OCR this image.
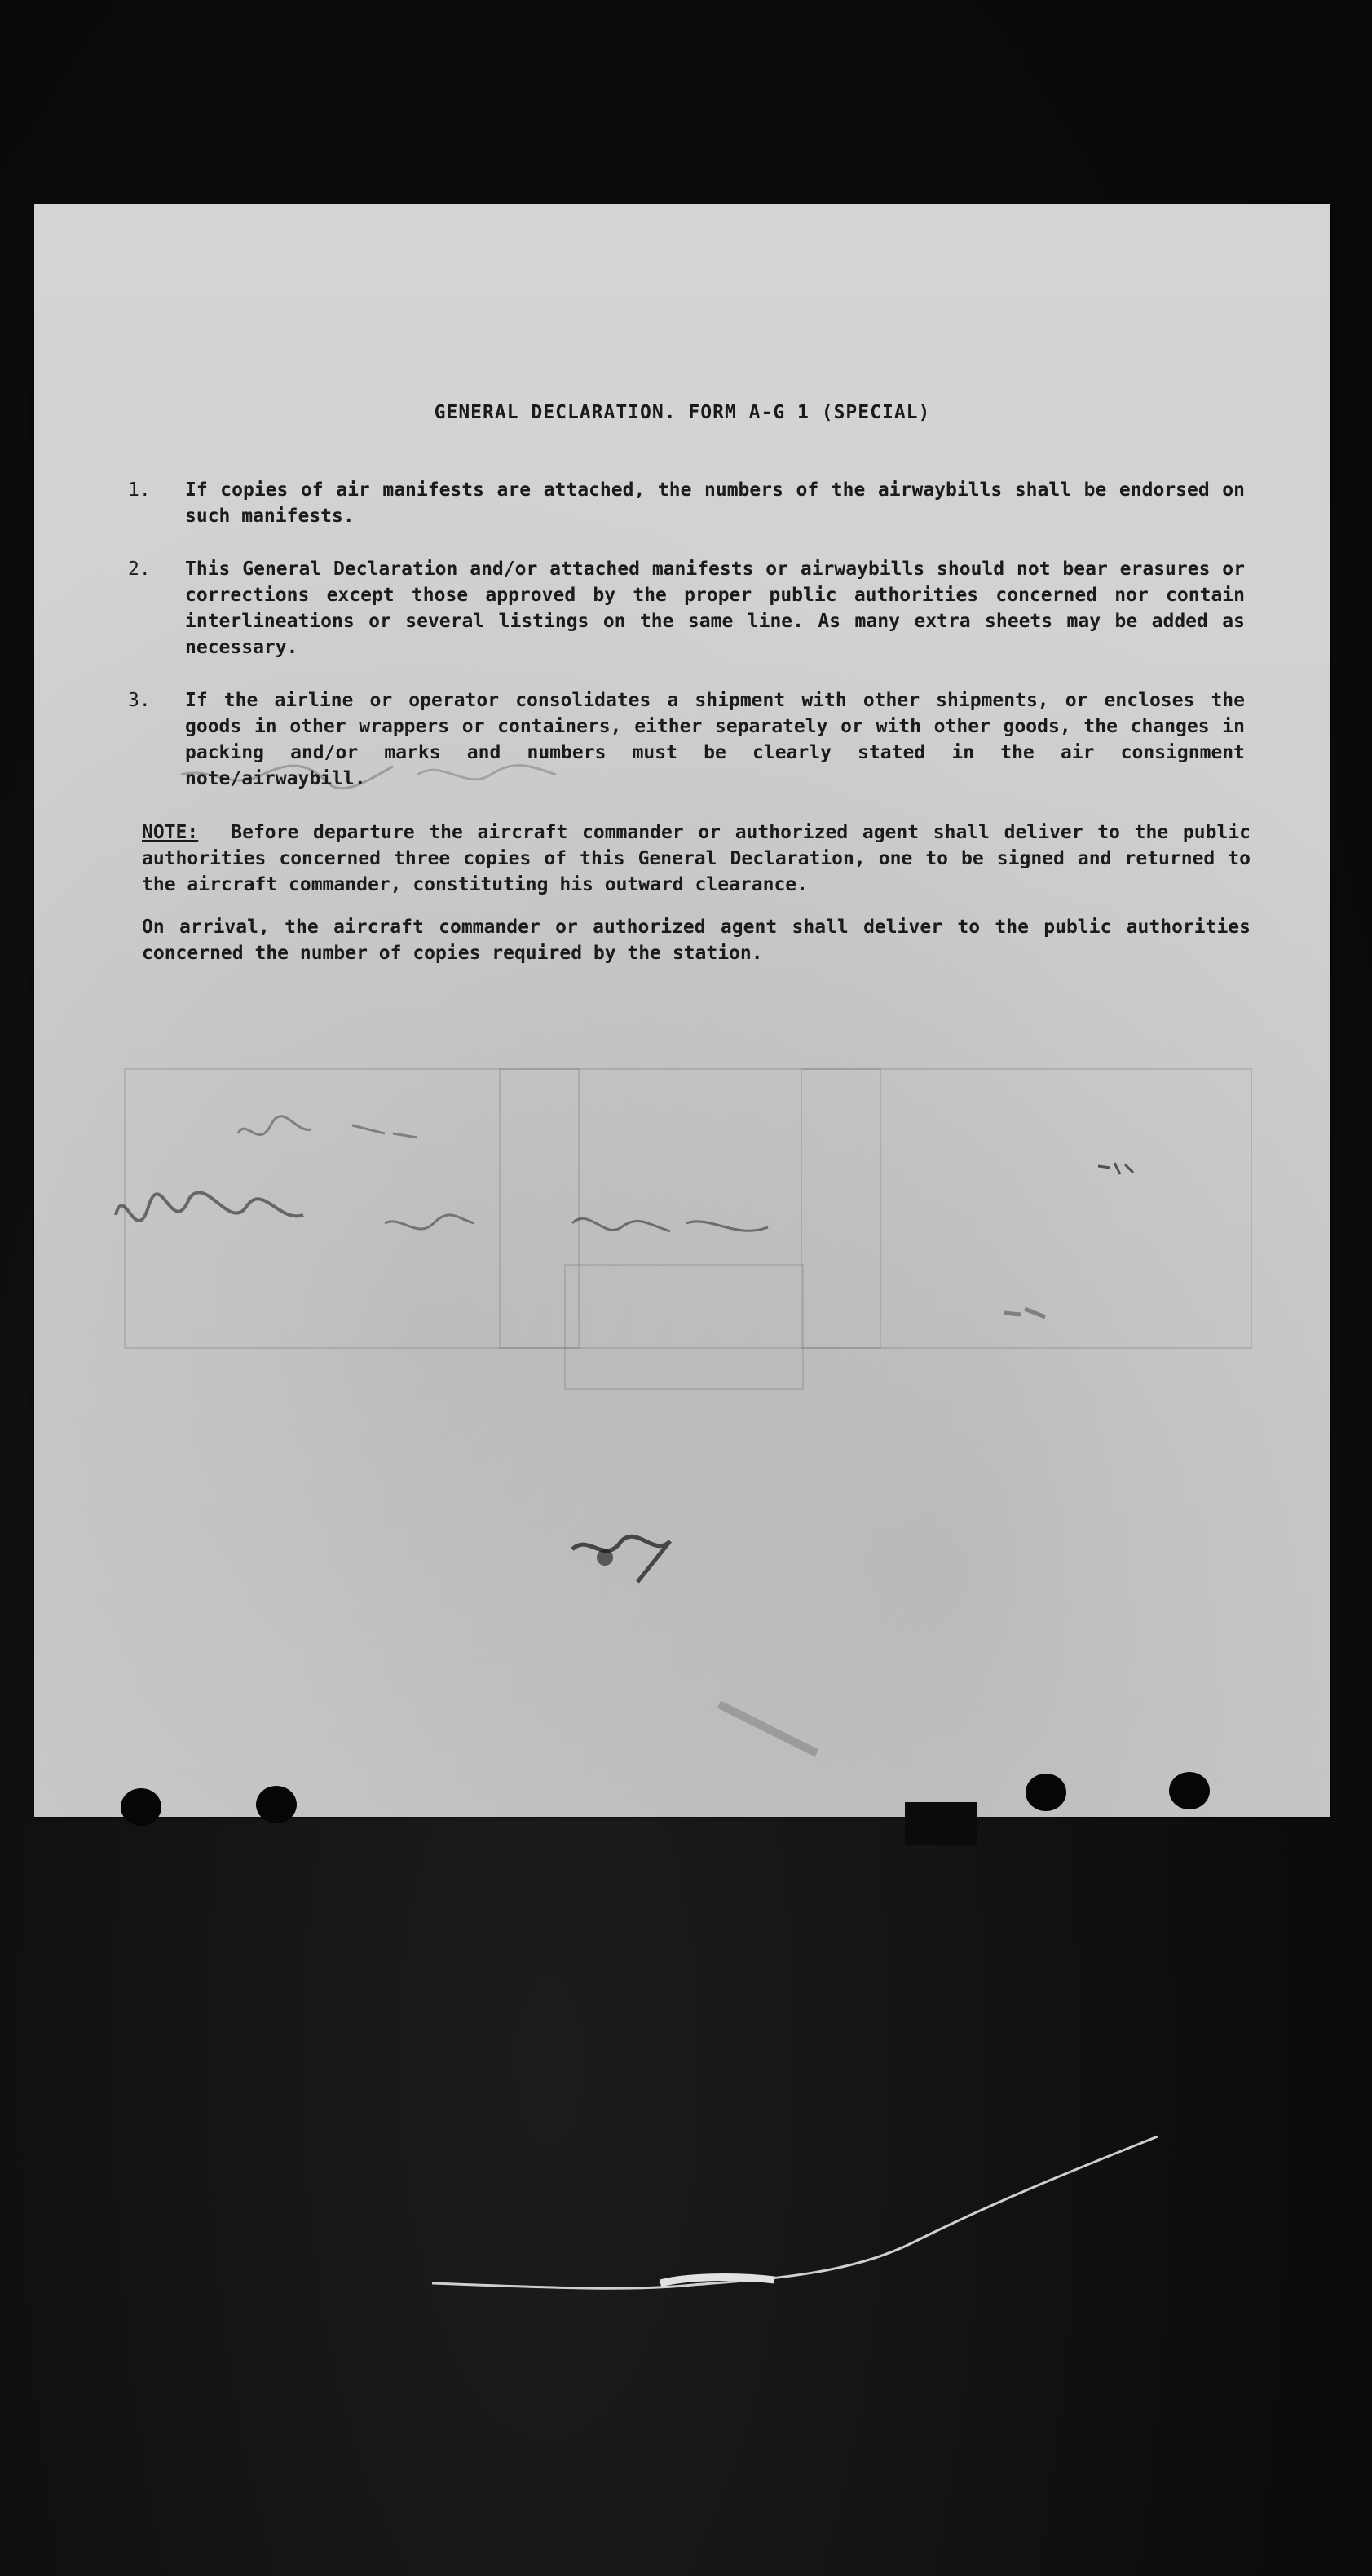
GENERAL DECLARATION. FORM A-G 1 (SPECIAL)
1.	If copies of air manifests are attached, the numbers of the airwaybills shall be endorsed on such manifests.
2.	This General Declaration and/or attached manifests or airwaybills should not bear erasures or corrections except those approved by the proper public authorities concerned nor contain interlineations or several listings on the same line. As many extra sheets may be added as necessary.
3.	If the airline or operator consolidates a shipment with other shipments, or encloses the goods in other wrappers or containers, either separately or with other goods, the changes in packing and/or marks and numbers must be clearly stated in the air consignment note/airwaybill.

NOTE: Before departure the aircraft commander or authorized agent shall deliver to the public authorities concerned three copies of this General Declaration, one to be signed and returned to the aircraft commander, constituting his outward clearance.

On arrival, the aircraft commander or authorized agent shall deliver to the public authorities concerned the number of copies required by the station.
